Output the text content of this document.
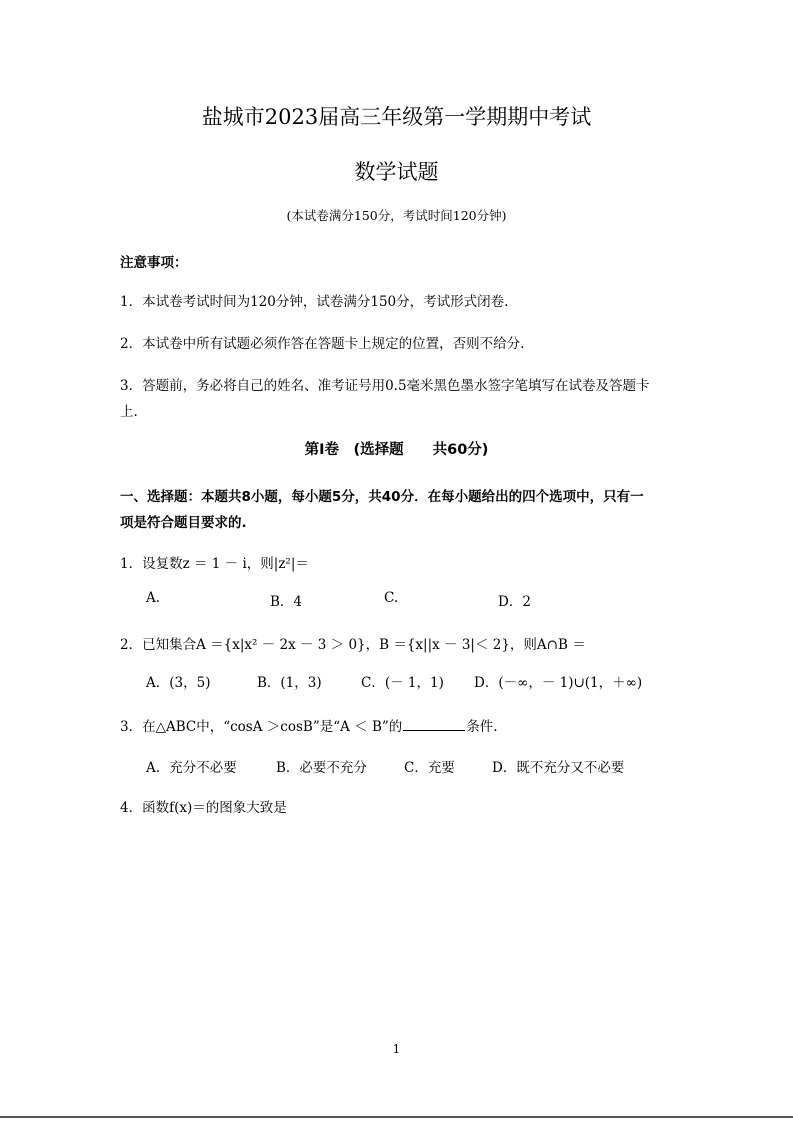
盐城市2023届高三年级第一学期期中考试
数学试题
(本试卷满分150分，考试时间120分钟)
注意事项：
1．本试卷考试时间为120分钟，试卷满分150分，考试形式闭卷.
2．本试卷中所有试题必须作答在答题卡上规定的位置，否则不给分.
3．答题前，务必将自己的姓名、准考证号用0.5毫米黑色墨水签字笔填写在试卷及答题卡
上.
第I卷　(选择题　　共60分)
一、选择题：本题共8小题，每小题5分，共40分．在每小题给出的四个选项中，只有一
项是符合题目要求的.
1．设复数z ＝ 1 － i，则|z²|＝
A.	B．4	C.	D．2
2．已知集合A ＝{x|x² － 2x － 3 ＞ 0}，B ＝{x||x － 3|＜ 2}，则A∩B ＝
A．(3，5)	B．(1，3)	C．(－ 1，1) D．(－∞，－ 1)∪(1，＋∞)
3．在△ABC中，“cosA ＞cosB”是“A ＜ B”的	条件.
A．充分不必要	B．必要不充分	C．充要	D．既不充分又不必要
4．函数f(x)＝的图象大致是
1
